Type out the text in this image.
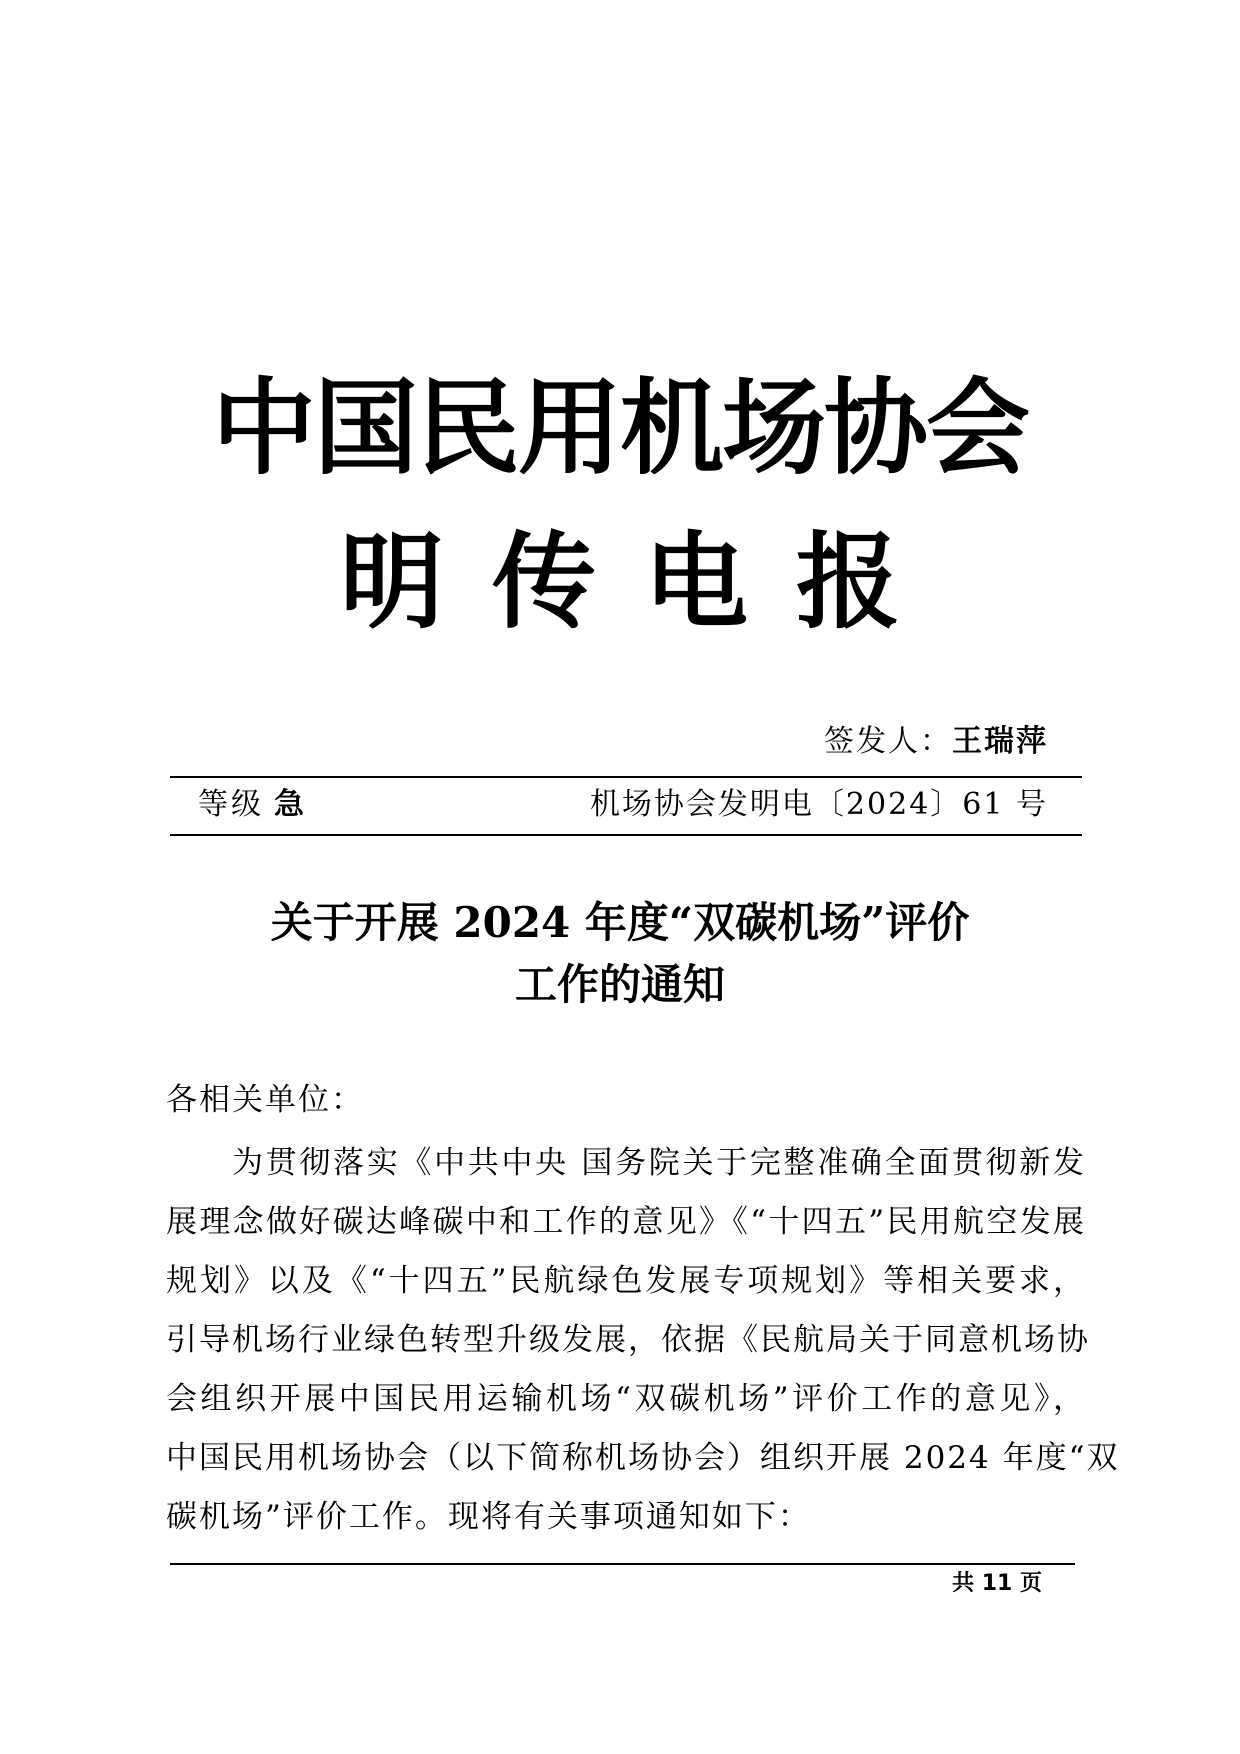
中国民用机场协会
明 传 电 报
签发人：王瑞萍
等级 急	机场协会发明电〔2024〕61 号
关于开展 2024 年度“双碳机场”评价
工作的通知
各相关单位：
为贯彻落实《中共中央 国务院关于完整准确全面贯彻新发
展理念做好碳达峰碳中和工作的意见》《“十四五”民用航空发展
规划》以及《“十四五”民航绿色发展专项规划》等相关要求，
引导机场行业绿色转型升级发展，依据《民航局关于同意机场协
会组织开展中国民用运输机场“双碳机场”评价工作的意见》，
中国民用机场协会（以下简称机场协会）组织开展 2024 年度“双
碳机场”评价工作。现将有关事项通知如下：
共 11 页
